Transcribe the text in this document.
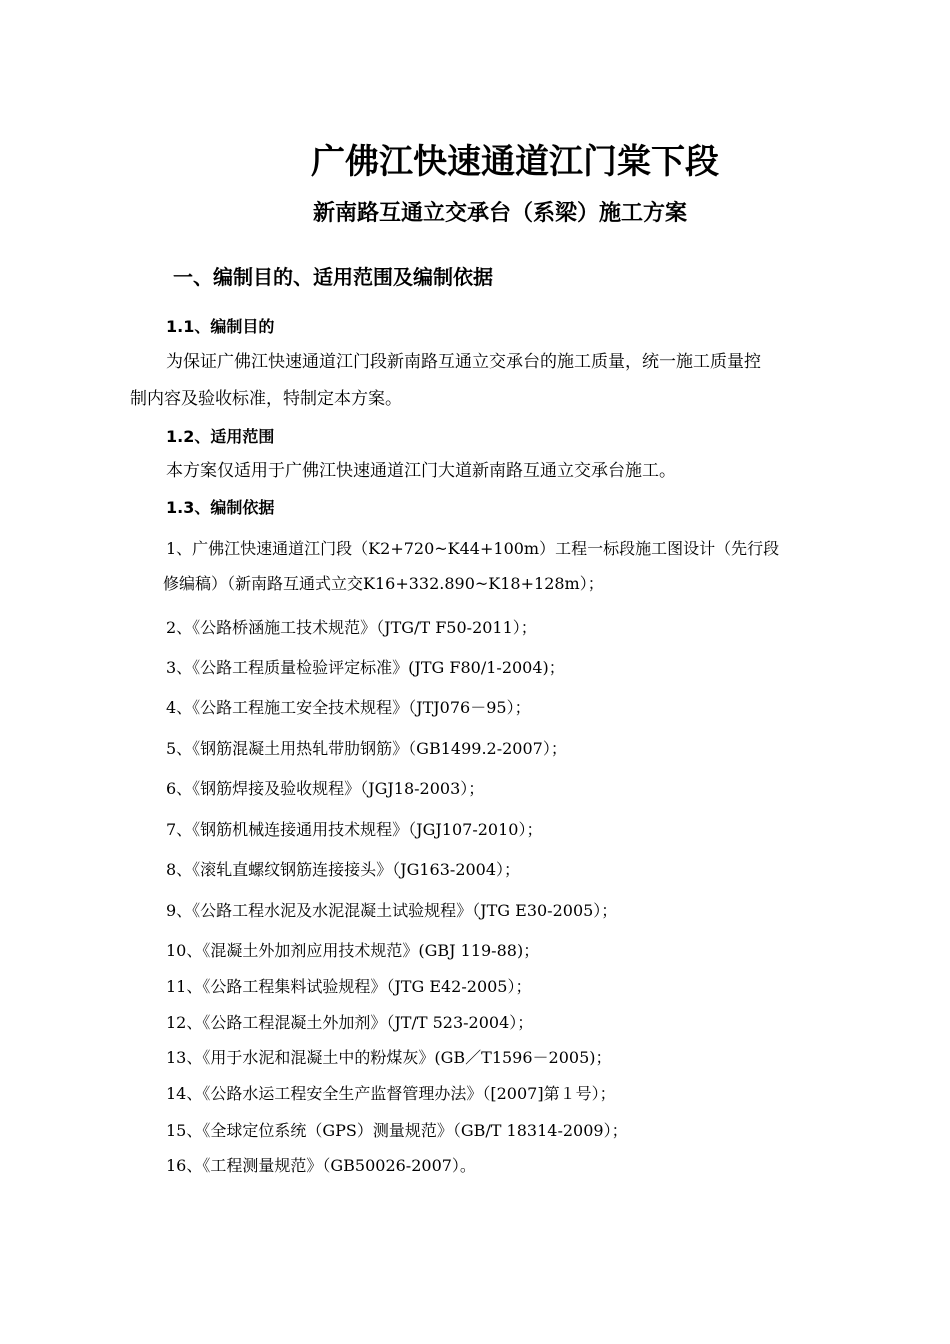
广佛江快速通道江门棠下段
新南路互通立交承台（系梁）施工方案
一、编制目的、适用范围及编制依据
1.1、编制目的
为保证广佛江快速通道江门段新南路互通立交承台的施工质量，统一施工质量控
制内容及验收标准，特制定本方案。
1.2、适用范围
本方案仅适用于广佛江快速通道江门大道新南路互通立交承台施工。
1.3、编制依据
1、广佛江快速通道江门段（K2+720~K44+100m）工程一标段施工图设计（先行段
修编稿）（新南路互通式立交K16+332.890~K18+128m）；
2、《公路桥涵施工技术规范》（JTG/T F50-2011）；
3、《公路工程质量检验评定标准》(JTG F80/1-2004)；
4、《公路工程施工安全技术规程》（JTJ076－95）；
5、《钢筋混凝土用热轧带肋钢筋》（GB1499.2-2007）；
6、《钢筋焊接及验收规程》（JGJ18-2003）；
7、《钢筋机械连接通用技术规程》（JGJ107-2010）；
8、《滚轧直螺纹钢筋连接接头》（JG163-2004）；
9、《公路工程水泥及水泥混凝土试验规程》（JTG E30-2005）；
10、《混凝土外加剂应用技术规范》(GBJ 119-88)；
11、《公路工程集料试验规程》（JTG E42-2005）；
12、《公路工程混凝土外加剂》（JT/T 523-2004）；
13、《用于水泥和混凝土中的粉煤灰》(GB／T1596－2005)；
14、《公路水运工程安全生产监督管理办法》（[2007]第１号）；
15、《全球定位系统（GPS）测量规范》（GB/T 18314-2009）；
16、《工程测量规范》（GB50026-2007）。
